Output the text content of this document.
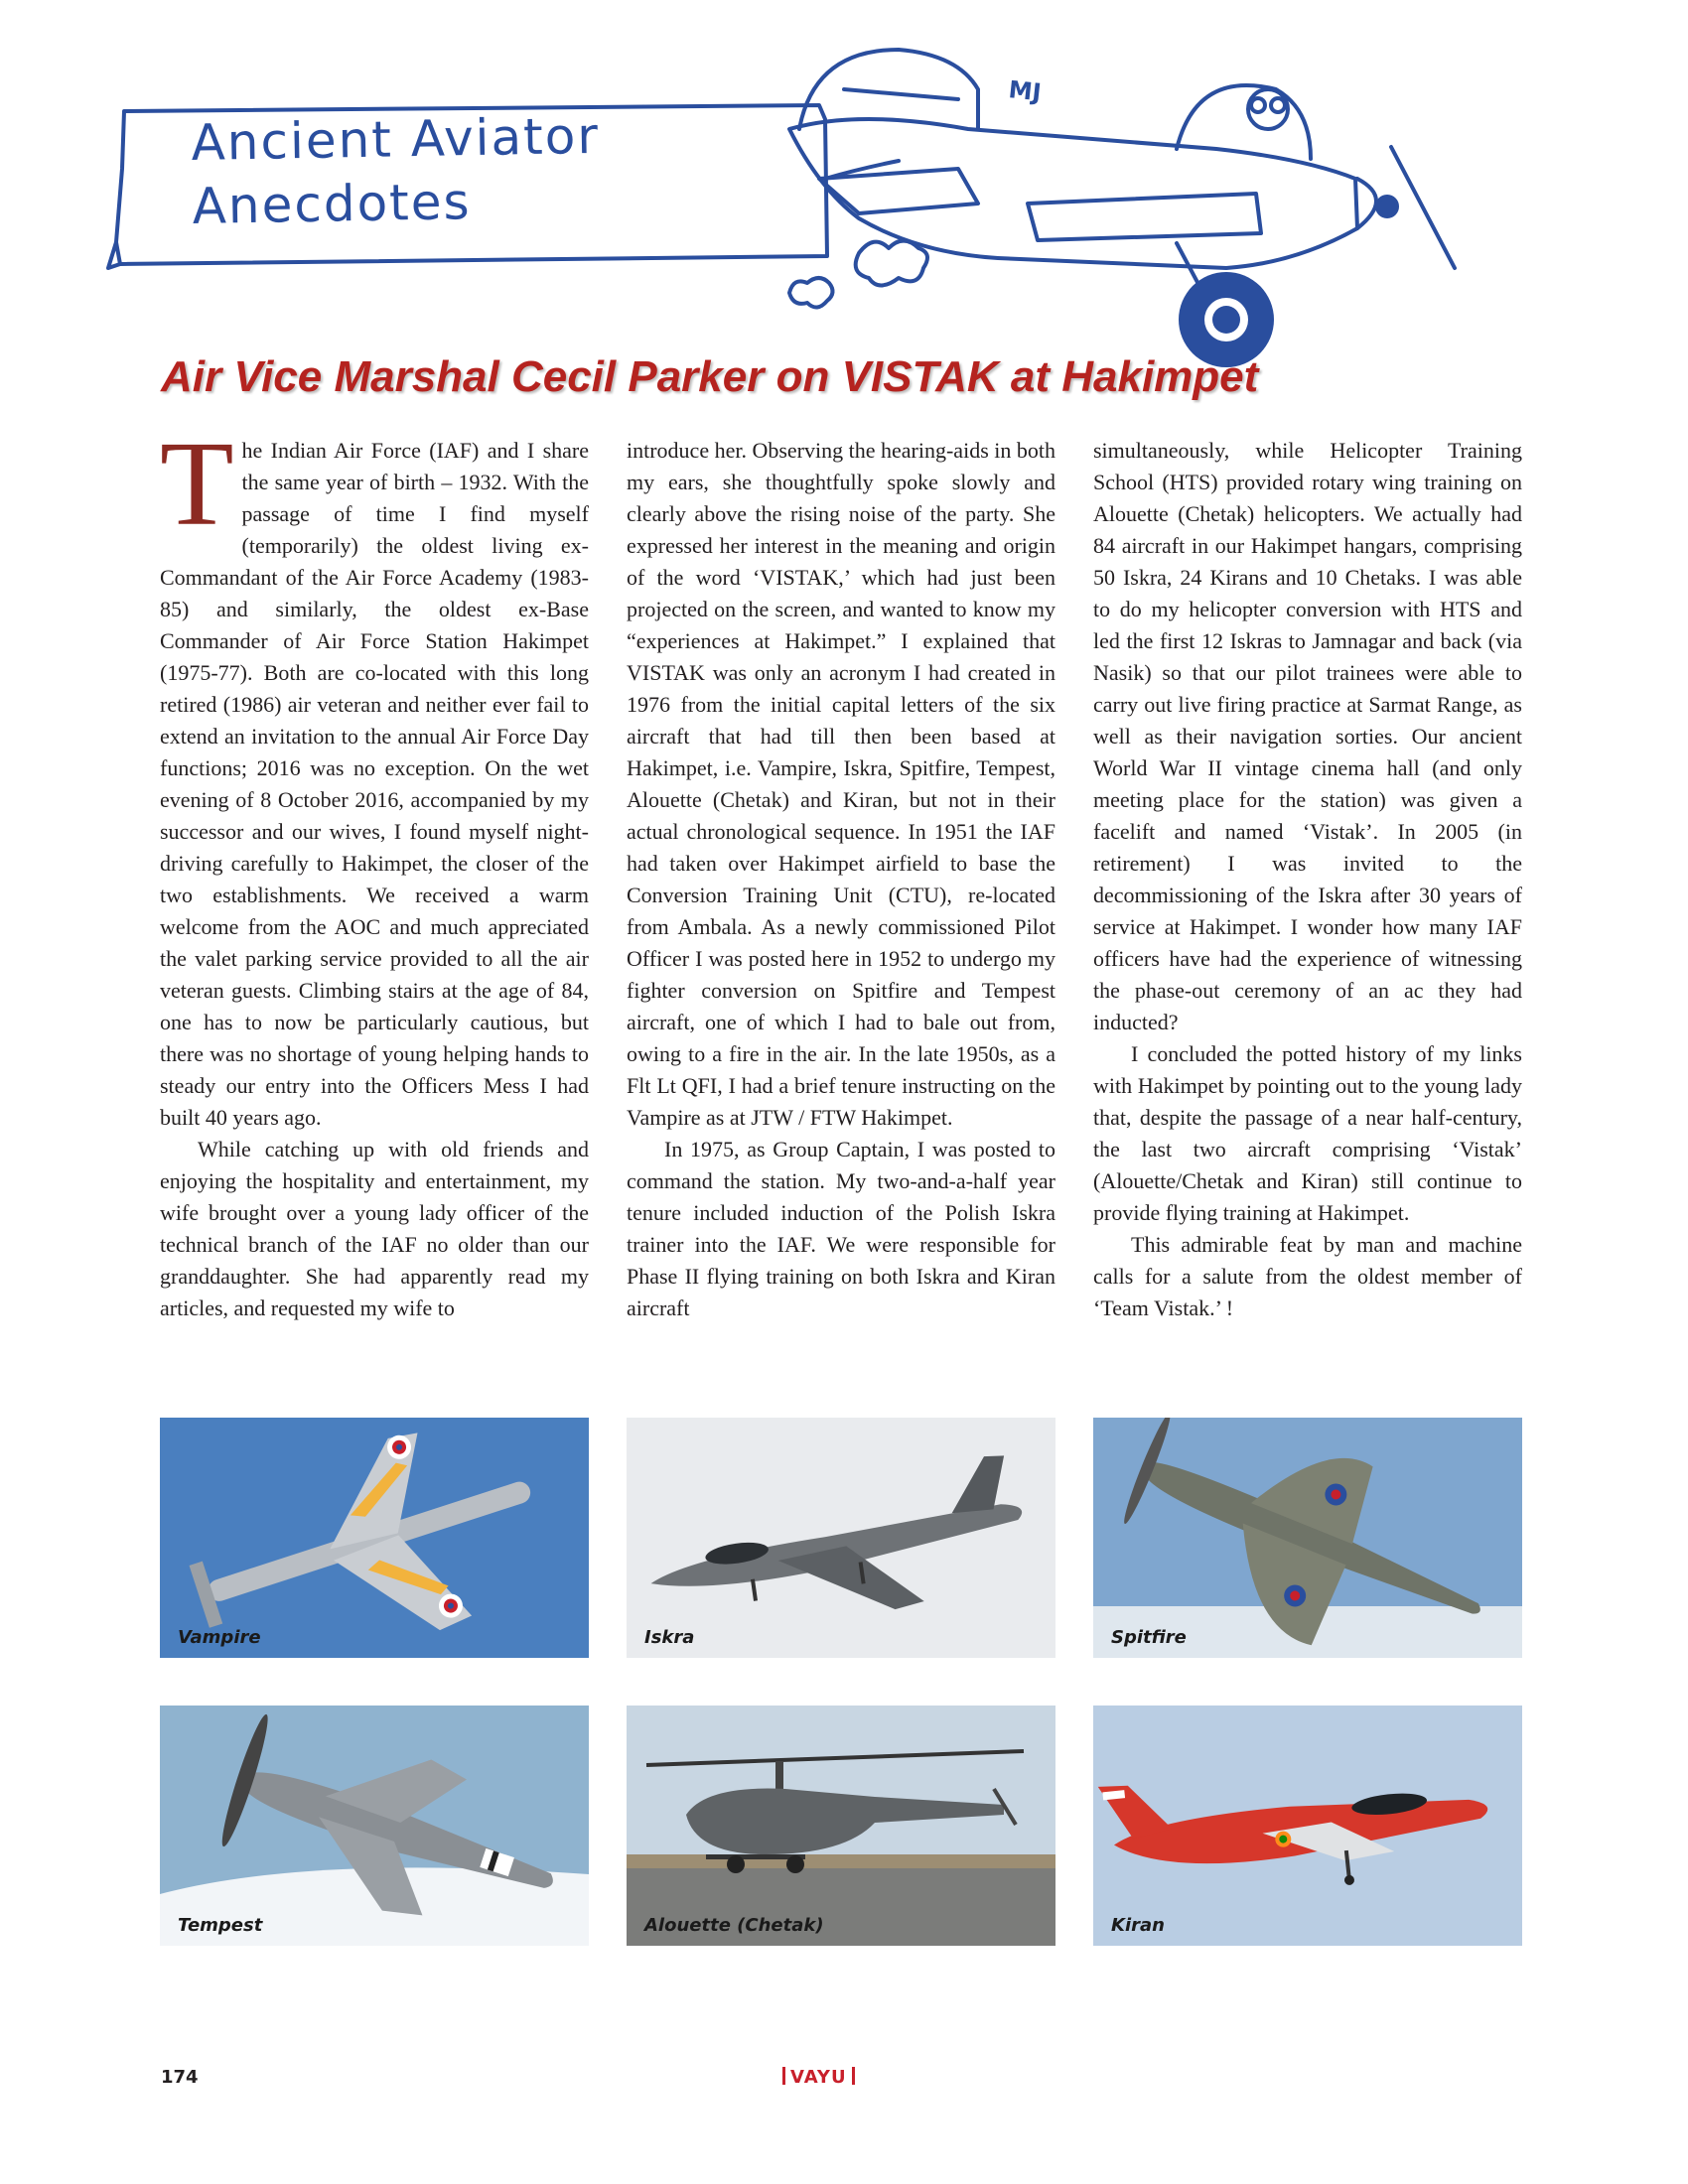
MJ
Ancient Aviator
Anecdotes
Air Vice Marshal Cecil Parker on VISTAK at Hakimpet
T he Indian Air Force (IAF) and I share the same year of birth – 1932. With the passage of time I find myself (temporarily) the oldest living ex-Commandant of the Air Force Academy (1983-85) and similarly, the oldest ex-Base Commander of Air Force Station Hakimpet (1975-77). Both are co-located with this long retired (1986) air veteran and neither ever fail to extend an invitation to the annual Air Force Day functions; 2016 was no exception. On the wet evening of 8 October 2016, accompanied by my successor and our wives, I found myself night-driving carefully to Hakimpet, the closer of the two establishments. We received a warm welcome from the AOC and much appreciated the valet parking service provided to all the air veteran guests. Climbing stairs at the age of 84, one has to now be particularly cautious, but there was no shortage of young helping hands to steady our entry into the Officers Mess I had built 40 years ago.

While catching up with old friends and enjoying the hospitality and entertainment, my wife brought over a young lady officer of the technical branch of the IAF no older than our granddaughter. She had apparently read my articles, and requested my wife to

introduce her. Observing the hearing-aids in both my ears, she thoughtfully spoke slowly and clearly above the rising noise of the party. She expressed her interest in the meaning and origin of the word ‘VISTAK,’ which had just been projected on the screen, and wanted to know my “experiences at Hakimpet.” I explained that VISTAK was only an acronym I had created in 1976 from the initial capital letters of the six aircraft that had till then been based at Hakimpet, i.e. Vampire, Iskra, Spitfire, Tempest, Alouette (Chetak) and Kiran, but not in their actual chronological sequence. In 1951 the IAF had taken over Hakimpet airfield to base the Conversion Training Unit (CTU), re-located from Ambala. As a newly commissioned Pilot Officer I was posted here in 1952 to undergo my fighter conversion on Spitfire and Tempest aircraft, one of which I had to bale out from, owing to a fire in the air. In the late 1950s, as a Flt Lt QFI, I had a brief tenure instructing on the Vampire as at JTW / FTW Hakimpet.

In 1975, as Group Captain, I was posted to command the station. My two-and-a-half year tenure included induction of the Polish Iskra trainer into the IAF. We were responsible for Phase II flying training on both Iskra and Kiran aircraft

simultaneously, while Helicopter Training School (HTS) provided rotary wing training on Alouette (Chetak) helicopters. We actually had 84 aircraft in our Hakimpet hangars, comprising 50 Iskra, 24 Kirans and 10 Chetaks. I was able to do my helicopter conversion with HTS and led the first 12 Iskras to Jamnagar and back (via Nasik) so that our pilot trainees were able to carry out live firing practice at Sarmat Range, as well as their navigation sorties. Our ancient World War II vintage cinema hall (and only meeting place for the station) was given a facelift and named ‘Vistak’. In 2005 (in retirement) I was invited to the decommissioning of the Iskra after 30 years of service at Hakimpet. I wonder how many IAF officers have had the experience of witnessing the phase-out ceremony of an ac they had inducted?

I concluded the potted history of my links with Hakimpet by pointing out to the young lady that, despite the passage of a near half-century, the last two aircraft comprising ‘Vistak’ (Alouette/Chetak and Kiran) still continue to provide flying training at Hakimpet.

This admirable feat by man and machine calls for a salute from the oldest member of ‘Team Vistak.’ !

Vampire	Iskra	Spitfire
Tempest	Alouette (Chetak)	Kiran
174	VAYU
